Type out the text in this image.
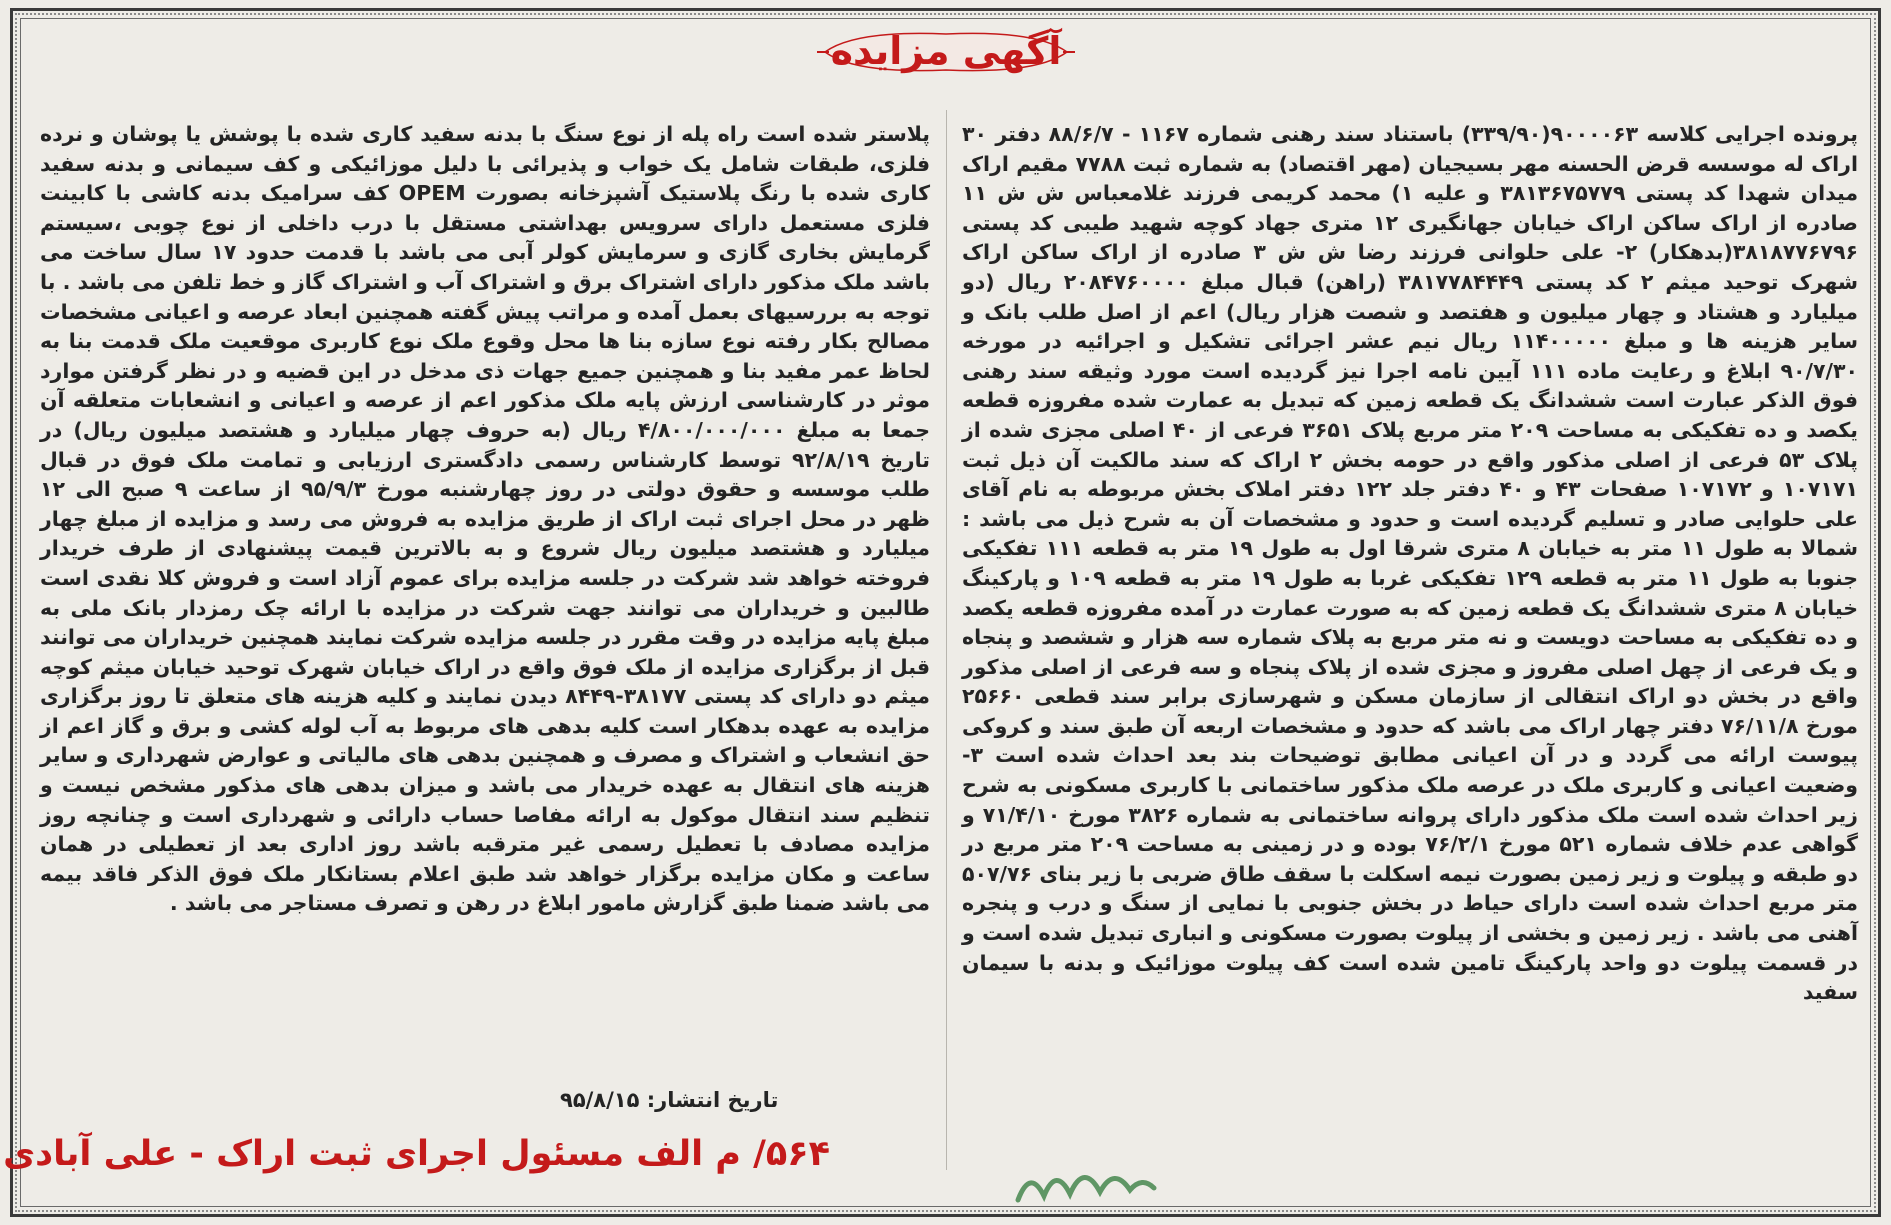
آگهی مزایده

پرونده اجرایی کلاسه ۹۰۰۰۰۶۳(۳۳۹/۹۰) باستناد سند رهنی شماره ۱۱۶۷ - ۸۸/۶/۷ دفتر ۳۰ اراک له موسسه قرض الحسنه مهر بسیجیان (مهر اقتصاد) به شماره ثبت ۷۷۸۸ مقیم اراک میدان شهدا کد پستی ۳۸۱۳۶۷۵۷۷۹ و علیه ۱) محمد کریمی فرزند غلامعباس ش ش ۱۱ صادره از اراک ساکن اراک خیابان جهانگیری ۱۲ متری جهاد کوچه شهید طیبی کد پستی ۳۸۱۸۷۷۶۷۹۶(بدهکار) ۲- علی حلوانی فرزند رضا ش ش ۳ صادره از اراک ساکن اراک شهرک توحید میثم ۲ کد پستی ۳۸۱۷۷۸۴۴۴۹ (راهن) قبال مبلغ ۲۰۸۴۷۶۰۰۰۰ ریال (دو میلیارد و هشتاد و چهار میلیون و هفتصد و شصت هزار ریال) اعم از اصل طلب بانک و سایر هزینه ها و مبلغ ۱۱۴۰۰۰۰۰ ریال نیم عشر اجرائی تشکیل و اجرائیه در مورخه ۹۰/۷/۳۰ ابلاغ و رعایت ماده ۱۱۱ آیین نامه اجرا نیز گردیده است مورد وثیقه سند رهنی فوق الذکر عبارت است ششدانگ یک قطعه زمین که تبدیل به عمارت شده مفروزه قطعه یکصد و ده تفکیکی به مساحت ۲۰۹ متر مربع پلاک ۳۶۵۱ فرعی از ۴۰ اصلی مجزی شده از پلاک ۵۳ فرعی از اصلی مذکور واقع در حومه بخش ۲ اراک که سند مالکیت آن ذیل ثبت ۱۰۷۱۷۱ و ۱۰۷۱۷۲ صفحات ۴۳ و ۴۰ دفتر جلد ۱۲۲ دفتر املاک بخش مربوطه به نام آقای علی حلوایی صادر و تسلیم گردیده است و حدود و مشخصات آن به شرح ذیل می باشد : شمالا به طول ۱۱ متر به خیابان ۸ متری شرقا اول به طول ۱۹ متر به قطعه ۱۱۱ تفکیکی جنوبا به طول ۱۱ متر به قطعه ۱۲۹ تفکیکی غربا به طول ۱۹ متر به قطعه ۱۰۹ و پارکینگ خیابان ۸ متری ششدانگ یک قطعه زمین که به صورت عمارت در آمده مفروزه قطعه یکصد و ده تفکیکی به مساحت دویست و نه متر مربع به پلاک شماره سه هزار و ششصد و پنجاه و یک فرعی از چهل اصلی مفروز و مجزی شده از پلاک پنجاه و سه فرعی از اصلی مذکور واقع در بخش دو اراک انتقالی از سازمان مسکن و شهرسازی برابر سند قطعی ۲۵۶۶۰ مورخ ۷۶/۱۱/۸ دفتر چهار اراک می باشد که حدود و مشخصات اربعه آن طبق سند و کروکی پیوست ارائه می گردد و در آن اعیانی مطابق توضیحات بند بعد احداث شده است ۳- وضعیت اعیانی و کاربری ملک در عرصه ملک مذکور ساختمانی با کاربری مسکونی به شرح زیر احداث شده است ملک مذکور دارای پروانه ساختمانی به شماره ۳۸۲۶ مورخ ۷۱/۴/۱۰ و گواهی عدم خلاف شماره ۵۲۱ مورخ ۷۶/۲/۱ بوده و در زمینی به مساحت ۲۰۹ متر مربع در دو طبقه و پیلوت و زیر زمین بصورت نیمه اسکلت با سقف طاق ضربی با زیر بنای ۵۰۷/۷۶ متر مربع احداث شده است دارای حیاط در بخش جنوبی با نمایی از سنگ و درب و پنجره آهنی می باشد . زیر زمین و بخشی از پیلوت بصورت مسکونی و انباری تبدیل شده است و در قسمت پیلوت دو واحد پارکینگ تامین شده است کف پیلوت موزائیک و بدنه با سیمان سفید

پلاستر شده است راه پله از نوع سنگ با بدنه سفید کاری شده با پوشش یا پوشان و نرده فلزی، طبقات شامل یک خواب و پذیرائی با دلیل موزائیکی و کف سیمانی و بدنه سفید کاری شده با رنگ پلاستیک آشپزخانه بصورت OPEM کف سرامیک بدنه کاشی با کابینت فلزی مستعمل دارای سرویس بهداشتی مستقل با درب داخلی از نوع چوبی ،سیستم گرمایش بخاری گازی و سرمایش کولر آبی می باشد با قدمت حدود ۱۷ سال ساخت می باشد ملک مذکور دارای اشتراک برق و اشتراک آب و اشتراک گاز و خط تلفن می باشد . با توجه به بررسیهای بعمل آمده و مراتب پیش گفته همچنین ابعاد عرصه و اعیانی مشخصات مصالح بکار رفته نوع سازه بنا ها محل وقوع ملک نوع کاربری موقعیت ملک قدمت بنا به لحاظ عمر مفید بنا و همچنین جمیع جهات ذی مدخل در این قضیه و در نظر گرفتن موارد موثر در کارشناسی ارزش پایه ملک مذکور اعم از عرصه و اعیانی و انشعابات متعلقه آن جمعا به مبلغ ۴/۸۰۰/۰۰۰/۰۰۰ ریال (به حروف چهار میلیارد و هشتصد میلیون ریال) در تاریخ ۹۲/۸/۱۹ توسط کارشناس رسمی دادگستری ارزیابی و تمامت ملک فوق در قبال طلب موسسه و حقوق دولتی در روز چهارشنبه مورخ ۹۵/۹/۳ از ساعت ۹ صبح الی ۱۲ ظهر در محل اجرای ثبت اراک از طریق مزایده به فروش می رسد و مزایده از مبلغ چهار میلیارد و هشتصد میلیون ریال شروع و به بالاترین قیمت پیشنهادی از طرف خریدار فروخته خواهد شد شرکت در جلسه مزایده برای عموم آزاد است و فروش کلا نقدی است طالبین و خریداران می توانند جهت شرکت در مزایده با ارائه چک رمزدار بانک ملی به مبلغ پایه مزایده در وقت مقرر در جلسه مزایده شرکت نمایند همچنین خریداران می توانند قبل از برگزاری مزایده از ملک فوق واقع در اراک خیابان شهرک توحید خیابان میثم کوچه میثم دو دارای کد پستی ۳۸۱۷۷-۸۴۴۹ دیدن نمایند و کلیه هزینه های متعلق تا روز برگزاری مزایده به عهده بدهکار است کلیه بدهی های مربوط به آب لوله کشی و برق و گاز اعم از حق انشعاب و اشتراک و مصرف و همچنین بدهی های مالیاتی و عوارض شهرداری و سایر هزینه های انتقال به عهده خریدار می باشد و میزان بدهی های مذکور مشخص نیست و تنظیم سند انتقال موکول به ارائه مفاصا حساب دارائی و شهرداری است و چنانچه روز مزایده مصادف با تعطیل رسمی غیر مترقبه باشد روز اداری بعد از تعطیلی در همان ساعت و مکان مزایده برگزار خواهد شد طبق اعلام بستانکار ملک فوق الذکر فاقد بیمه می باشد ضمنا طبق گزارش مامور ابلاغ در رهن و تصرف مستاجر می باشد .

تاریخ انتشار: ۹۵/۸/۱۵
۵۶۴/ م الف مسئول اجرای ثبت اراک - علی آبادی
